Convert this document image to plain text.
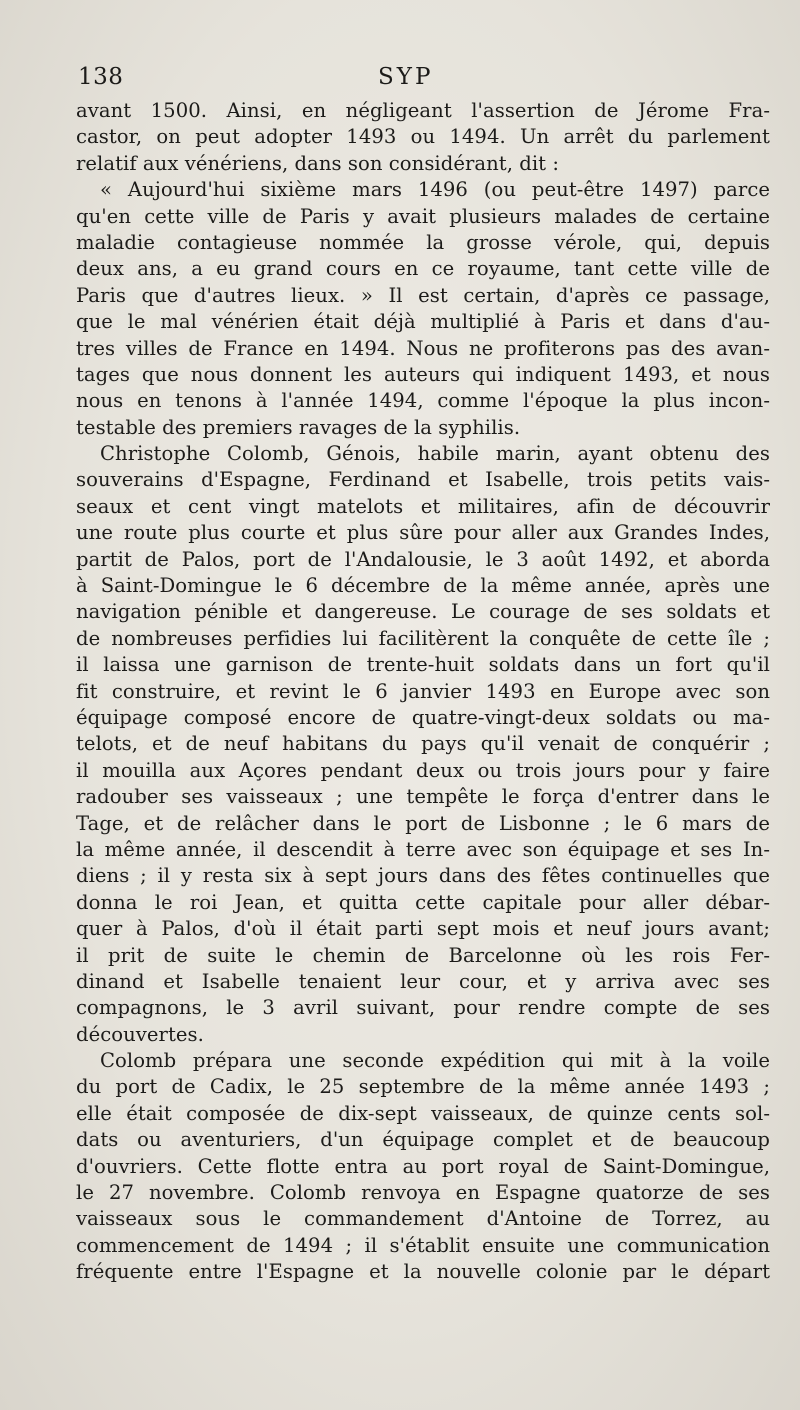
138	SYP
avant 1500. Ainsi, en négligeant l'assertion de Jérome Fra-
castor, on peut adopter 1493 ou 1494. Un arrêt du parlement
relatif aux vénériens, dans son considérant, dit :
« Aujourd'hui sixième mars 1496 (ou peut-être 1497) parce
qu'en cette ville de Paris y avait plusieurs malades de certaine
maladie contagieuse nommée la grosse vérole, qui, depuis
deux ans, a eu grand cours en ce royaume, tant cette ville de
Paris que d'autres lieux. » Il est certain, d'après ce passage,
que le mal vénérien était déjà multiplié à Paris et dans d'au-
tres villes de France en 1494. Nous ne profiterons pas des avan-
tages que nous donnent les auteurs qui indiquent 1493, et nous
nous en tenons à l'année 1494, comme l'époque la plus incon-
testable des premiers ravages de la syphilis.
Christophe Colomb, Génois, habile marin, ayant obtenu des
souverains d'Espagne, Ferdinand et Isabelle, trois petits vais-
seaux et cent vingt matelots et militaires, afin de découvrir
une route plus courte et plus sûre pour aller aux Grandes Indes,
partit de Palos, port de l'Andalousie, le 3 août 1492, et aborda
à Saint-Domingue le 6 décembre de la même année, après une
navigation pénible et dangereuse. Le courage de ses soldats et
de nombreuses perfidies lui facilitèrent la conquête de cette île ;
il laissa une garnison de trente-huit soldats dans un fort qu'il
fit construire, et revint le 6 janvier 1493 en Europe avec son
équipage composé encore de quatre-vingt-deux soldats ou ma-
telots, et de neuf habitans du pays qu'il venait de conquérir ;
il mouilla aux Açores pendant deux ou trois jours pour y faire
radouber ses vaisseaux ; une tempête le força d'entrer dans le
Tage, et de relâcher dans le port de Lisbonne ; le 6 mars de
la même année, il descendit à terre avec son équipage et ses In-
diens ; il y resta six à sept jours dans des fêtes continuelles que
donna le roi Jean, et quitta cette capitale pour aller débar-
quer à Palos, d'où il était parti sept mois et neuf jours avant;
il prit de suite le chemin de Barcelonne où les rois Fer-
dinand et Isabelle tenaient leur cour, et y arriva avec ses
compagnons, le 3 avril suivant, pour rendre compte de ses
découvertes.
Colomb prépara une seconde expédition qui mit à la voile
du port de Cadix, le 25 septembre de la même année 1493 ;
elle était composée de dix-sept vaisseaux, de quinze cents sol-
dats ou aventuriers, d'un équipage complet et de beaucoup
d'ouvriers. Cette flotte entra au port royal de Saint-Domingue,
le 27 novembre. Colomb renvoya en Espagne quatorze de ses
vaisseaux sous le commandement d'Antoine de Torrez, au
commencement de 1494 ; il s'établit ensuite une communication
fréquente entre l'Espagne et la nouvelle colonie par le départ
